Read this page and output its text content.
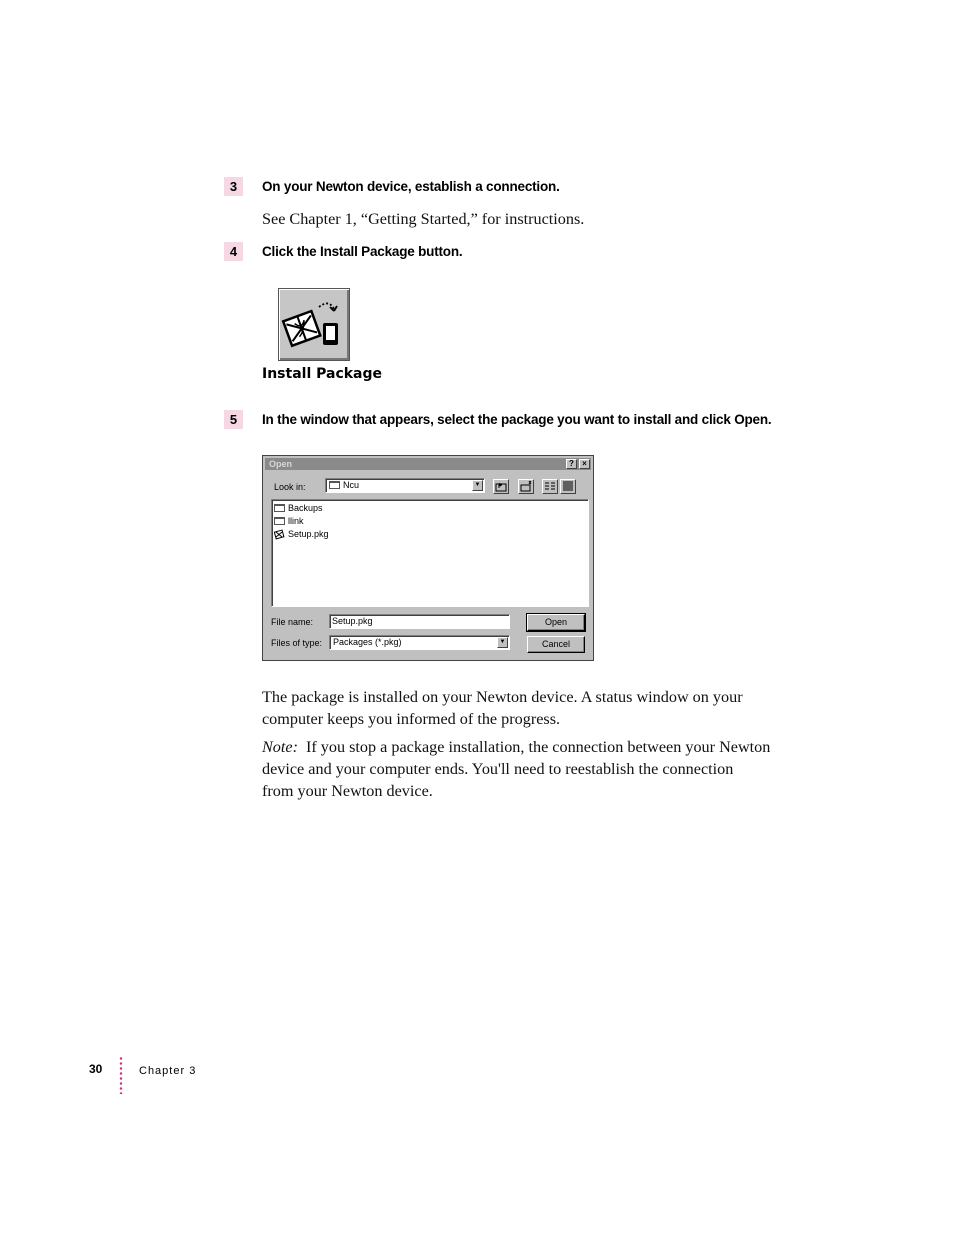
3	On your Newton device, establish a connection.
See Chapter 1, “Getting Started,” for instructions.
4	Click the Install Package button.
Install Package
5	In the window that appears, select the package you want to install and click Open.
Open	?	×
Look in:	Ncu	▼
Backups
llink
Setup.pkg
File name: Setup.pkg
Files of type: Packages (*.pkg)	▼
Open
Cancel
The package is installed on your Newton device. A status window on your
computer keeps you informed of the progress.
Note: If you stop a package installation, the connection between your Newton
device and your computer ends. You'll need to reestablish the connection
from your Newton device.
30	Chapter 3
